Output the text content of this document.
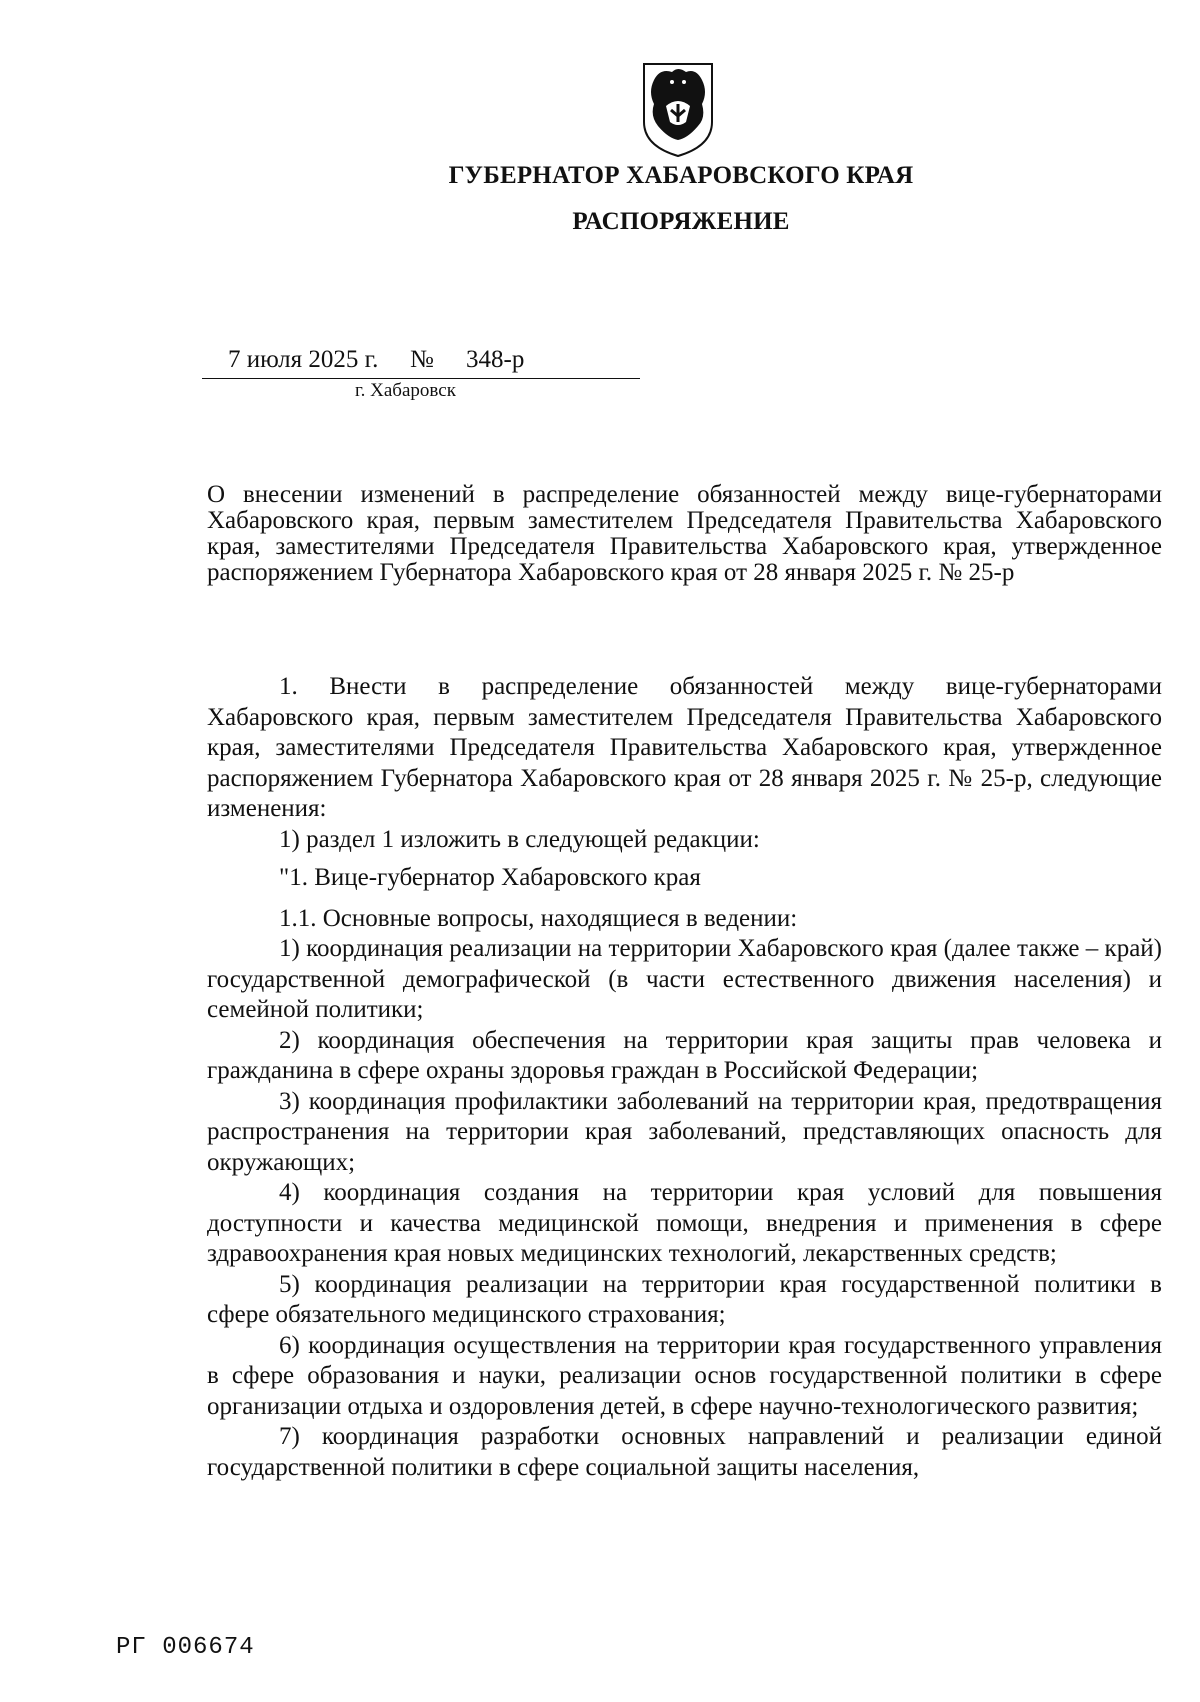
ГУБЕРНАТОР ХАБАРОВСКОГО КРАЯ
РАСПОРЯЖЕНИЕ
7 июля 2025 г. № 348-р
г. Хабаровск
О внесении изменений в распределение обязанностей между вице-губернаторами Хабаровского края, первым заместителем Председателя Правительства Хабаровского края, заместителями Председателя Правительства Хабаровского края, утвержденное распоряжением Губернатора Хабаровского края от 28 января 2025 г. № 25-р

1. Внести в распределение обязанностей между вице-губернаторами Хабаровского края, первым заместителем Председателя Правительства Хабаровского края, заместителями Председателя Правительства Хабаровского края, утвержденное распоряжением Губернатора Хабаровского края от 28 января 2025 г. № 25-р, следующие изменения:

1) раздел 1 изложить в следующей редакции:

"1. Вице-губернатор Хабаровского края

1.1. Основные вопросы, находящиеся в ведении:

1) координация реализации на территории Хабаровского края (далее также – край) государственной демографической (в части естественного движения населения) и семейной политики;

2) координация обеспечения на территории края защиты прав человека и гражданина в сфере охраны здоровья граждан в Российской Федерации;

3) координация профилактики заболеваний на территории края, предотвращения распространения на территории края заболеваний, представляющих опасность для окружающих;

4) координация создания на территории края условий для повышения доступности и качества медицинской помощи, внедрения и применения в сфере здравоохранения края новых медицинских технологий, лекарственных средств;

5) координация реализации на территории края государственной политики в сфере обязательного медицинского страхования;

6) координация осуществления на территории края государственного управления в сфере образования и науки, реализации основ государственной политики в сфере организации отдыха и оздоровления детей, в сфере научно-технологического развития;

7) координация разработки основных направлений и реализации единой государственной политики в сфере социальной защиты населения,

РГ 006674
